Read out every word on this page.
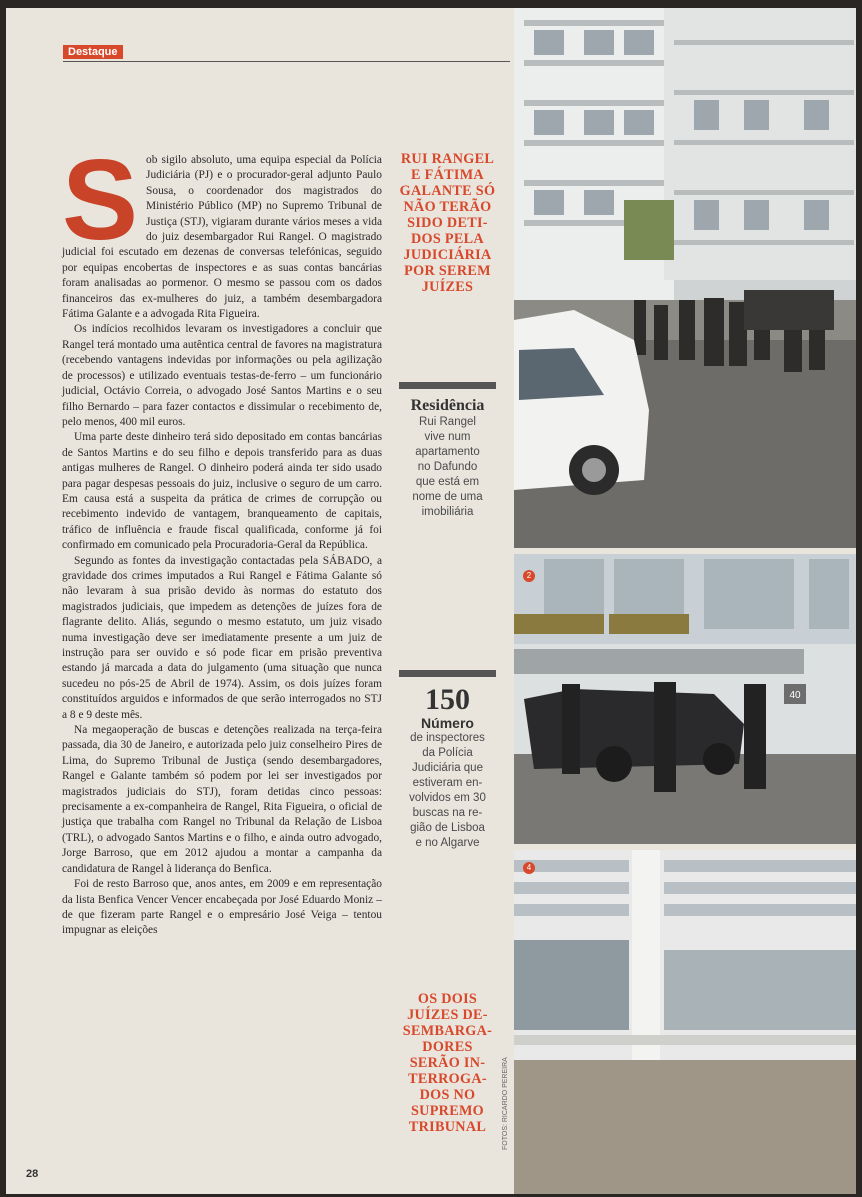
Destaque

Sob sigilo absoluto, uma equipa especial da Polícia Judiciária (PJ) e o procurador-geral adjunto Paulo Sousa, o coordenador dos magistrados do Ministério Público (MP) no Supremo Tribunal de Justiça (STJ), vigiaram durante vários meses a vida do juiz desembargador Rui Rangel. O magistrado judicial foi escutado em dezenas de conversas telefónicas, seguido por equipas encobertas de inspectores e as suas contas bancárias foram analisadas ao pormenor. O mesmo se passou com os dados financeiros das ex-mulheres do juiz, a também desembargadora Fátima Galante e a advogada Rita Figueira.

Os indícios recolhidos levaram os investigadores a concluir que Rangel terá montado uma autêntica central de favores na magistratura (recebendo vantagens indevidas por informações ou pela agilização de processos) e utilizado eventuais testas-de-ferro – um funcionário judicial, Octávio Correia, o advogado José Santos Martins e o seu filho Bernardo – para fazer contactos e dissimular o recebimento de, pelo menos, 400 mil euros.

Uma parte deste dinheiro terá sido depositado em contas bancárias de Santos Martins e do seu filho e depois transferido para as duas antigas mulheres de Rangel. O dinheiro poderá ainda ter sido usado para pagar despesas pessoais do juiz, inclusive o seguro de um carro. Em causa está a suspeita da prática de crimes de corrupção ou recebimento indevido de vantagem, branqueamento de capitais, tráfico de influência e fraude fiscal qualificada, conforme já foi confirmado em comunicado pela Procuradoria-Geral da República.

Segundo as fontes da investigação contactadas pela SÁBADO, a gravidade dos crimes imputados a Rui Rangel e Fátima Galante só não levaram à sua prisão devido às normas do estatuto dos magistrados judiciais, que impedem as detenções de juízes fora de flagrante delito. Aliás, segundo o mesmo estatuto, um juiz visado numa investigação deve ser imediatamente presente a um juiz de instrução para ser ouvido e só pode ficar em prisão preventiva estando já marcada a data do julgamento (uma situação que nunca sucedeu no pós-25 de Abril de 1974). Assim, os dois juízes foram constituídos arguidos e informados de que serão interrogados no STJ a 8 e 9 deste mês.

Na megaoperação de buscas e detenções realizada na terça-feira passada, dia 30 de Janeiro, e autorizada pelo juiz conselheiro Pires de Lima, do Supremo Tribunal de Justiça (sendo desembargadores, Rangel e Galante também só podem por lei ser investigados por magistrados judiciais do STJ), foram detidas cinco pessoas: precisamente a ex-companheira de Rangel, Rita Figueira, o oficial de justiça que trabalha com Rangel no Tribunal da Relação de Lisboa (TRL), o advogado Santos Martins e o filho, e ainda outro advogado, Jorge Barroso, que em 2012 ajudou a montar a campanha da candidatura de Rangel à liderança do Benfica.

Foi de resto Barroso que, anos antes, em 2009 e em representação da lista Benfica Vencer Vencer encabeçada por José Eduardo Moniz – de que fizeram parte Rangel e o empresário José Veiga – tentou impugnar as eleições

RUI RANGEL
E FÁTIMA
GALANTE SÓ
NÃO TERÃO
SIDO DETI-
DOS PELA
JUDICIÁRIA
POR SEREM
JUÍZES
Residência
Rui Rangel
vive num
apartamento
no Dafundo
que está em
nome de uma
imobiliária
150
Número
de inspectores
da Polícia
Judiciária que
estiveram en-
volvidos em 30
buscas na re-
gião de Lisboa
e no Algarve
OS DOIS
JUÍZES DE-
SEMBARGA-
DORES
SERÃO IN-
TERROGA-
DOS NO
SUPREMO
TRIBUNAL
28
40
2
4
FOTOS: RICARDO PEREIRA
